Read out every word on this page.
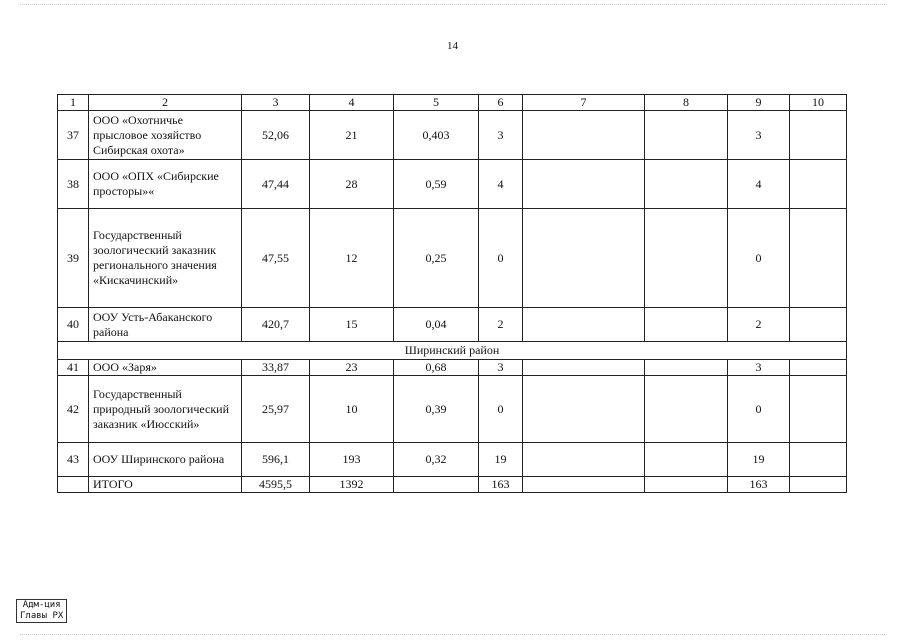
14
1	2	3	4	5	6	7	8	9	10
37	ООО «Охотничье прысловое хозяйство Сибирская охота»	52,06	21	0,403	3			3	
38	ООО «ОПХ «Сибирские просторы»«	47,44	28	0,59	4			4	
39	Государственный зоологический заказник регионального значения «Кискачинский»	47,55	12	0,25	0			0	
40	ООУ Усть-Абаканского района	420,7	15	0,04	2			2	
Ширинский район									
41	ООО «Заря»	33,87	23	0,68	3			3	
42	Государственный природный зоологический заказник «Июсский»	25,97	10	0,39	0			0	
43	ООУ Ширинского района	596,1	193	0,32	19			19	
	ИТОГО	4595,5	1392		163			163	
Адм-ция
Главы РХ
